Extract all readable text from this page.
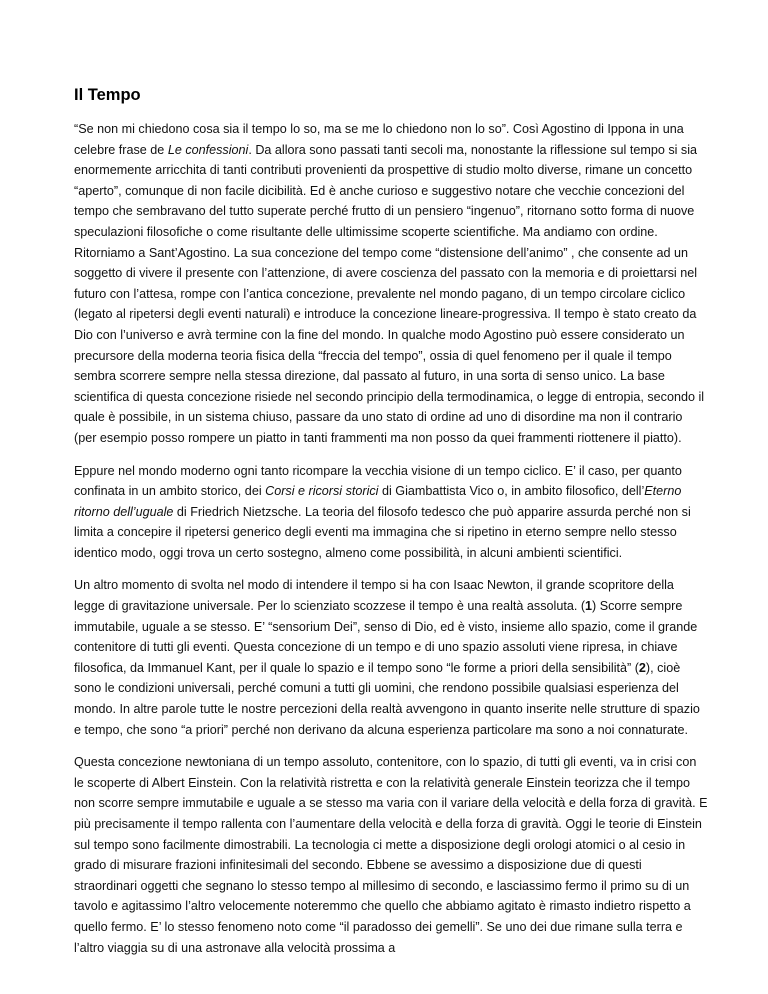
Il Tempo

“Se non mi chiedono cosa sia il tempo lo so, ma se me lo chiedono non lo so”. Così Agostino di Ippona in una celebre frase de Le confessioni. Da allora sono passati tanti secoli ma, nonostante la riflessione sul tempo si sia enormemente arricchita di tanti contributi provenienti da prospettive di studio molto diverse, rimane un concetto “aperto”, comunque di non facile dicibilità. Ed è anche curioso e suggestivo notare che vecchie concezioni del tempo che sembravano del tutto superate perché frutto di un pensiero “ingenuo”, ritornano sotto forma di nuove speculazioni filosofiche o come risultante delle ultimissime scoperte scientifiche. Ma andiamo con ordine. Ritorniamo a Sant’Agostino. La sua concezione del tempo come “distensione dell’animo” , che consente ad un soggetto di vivere il presente con l’attenzione, di avere coscienza del passato con la memoria e di proiettarsi nel futuro con l’attesa, rompe con l’antica concezione, prevalente nel mondo pagano, di un tempo circolare ciclico (legato al ripetersi degli eventi naturali) e introduce la concezione lineare-progressiva. Il tempo è stato creato da Dio con l’universo e avrà termine con la fine del mondo. In qualche modo Agostino può essere considerato un precursore della moderna teoria fisica della “freccia del tempo”, ossia di quel fenomeno per il quale il tempo sembra scorrere sempre nella stessa direzione, dal passato al futuro, in una sorta di senso unico. La base scientifica di questa concezione risiede nel secondo principio della termodinamica, o legge di entropia, secondo il quale è possibile, in un sistema chiuso, passare da uno stato di ordine ad uno di disordine ma non il contrario (per esempio posso rompere un piatto in tanti frammenti ma non posso da quei frammenti riottenere il piatto).

Eppure nel mondo moderno ogni tanto ricompare la vecchia visione di un tempo ciclico. E’ il caso, per quanto confinata in un ambito storico, dei Corsi e ricorsi storici di Giambattista Vico o, in ambito filosofico, dell’Eterno ritorno dell’uguale di Friedrich Nietzsche. La teoria del filosofo tedesco che può apparire assurda perché non si limita a concepire il ripetersi generico degli eventi ma immagina che si ripetino in eterno sempre nello stesso identico modo, oggi trova un certo sostegno, almeno come possibilità, in alcuni ambienti scientifici.

Un altro momento di svolta nel modo di intendere il tempo si ha con Isaac Newton, il grande scopritore della legge di gravitazione universale. Per lo scienziato scozzese il tempo è una realtà assoluta. (1) Scorre sempre immutabile, uguale a se stesso. E’ “sensorium Dei”, senso di Dio, ed è visto, insieme allo spazio, come il grande contenitore di tutti gli eventi. Questa concezione di un tempo e di uno spazio assoluti viene ripresa, in chiave filosofica, da Immanuel Kant, per il quale lo spazio e il tempo sono “le forme a priori della sensibilità” (2), cioè sono le condizioni universali, perché comuni a tutti gli uomini, che rendono possibile qualsiasi esperienza del mondo. In altre parole tutte le nostre percezioni della realtà avvengono in quanto inserite nelle strutture di spazio e tempo, che sono “a priori” perché non derivano da alcuna esperienza particolare ma sono a noi connaturate.

Questa concezione newtoniana di un tempo assoluto, contenitore, con lo spazio, di tutti gli eventi, va in crisi con le scoperte di Albert Einstein. Con la relatività ristretta e con la relatività generale Einstein teorizza che il tempo non scorre sempre immutabile e uguale a se stesso ma varia con il variare della velocità e della forza di gravità. E più precisamente il tempo rallenta con l’aumentare della velocità e della forza di gravità. Oggi le teorie di Einstein sul tempo sono facilmente dimostrabili. La tecnologia ci mette a disposizione degli orologi atomici o al cesio in grado di misurare frazioni infinitesimali del secondo. Ebbene se avessimo a disposizione due di questi straordinari oggetti che segnano lo stesso tempo al millesimo di secondo, e lasciassimo fermo il primo su di un tavolo e agitassimo l’altro velocemente noteremmo che quello che abbiamo agitato è rimasto indietro rispetto a quello fermo. E’ lo stesso fenomeno noto come “il paradosso dei gemelli”. Se uno dei due rimane sulla terra e l’altro viaggia su di una astronave alla velocità prossima a
